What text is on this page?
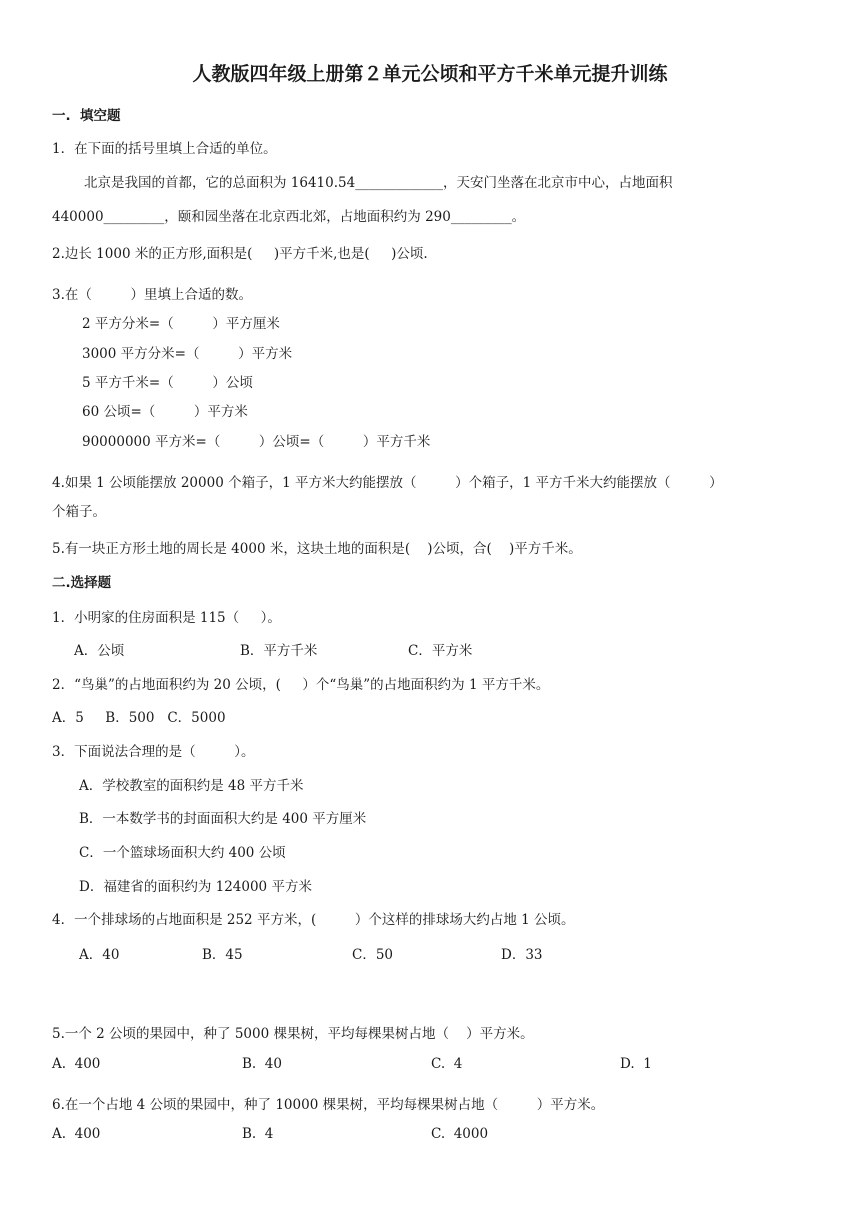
人教版四年级上册第２单元公顷和平方千米单元提升训练
一.  填空题
1．在下面的括号里填上合适的单位。
北京是我国的首都，它的总面积为 16410.54_____________，天安门坐落在北京市中心，占地面积
440000_________，颐和园坐落在北京西北郊，占地面积约为 290_________。
2.边长 1000 米的正方形,面积是(     )平方千米,也是(     )公顷.
3.在（         ）里填上合适的数。
2 平方分米=（         ）平方厘米
3000 平方分米=（         ）平方米
5 平方千米=（         ）公顷
60 公顷=（         ）平方米
90000000 平方米=（         ）公顷=（         ）平方千米
4.如果 1 公顷能摆放 20000 个箱子，1 平方米大约能摆放（         ）个箱子，1 平方千米大约能摆放（         ）
个箱子。
5.有一块正方形土地的周长是 4000 米，这块土地的面积是(    )公顷，合(    )平方千米。
二.选择题
1．小明家的住房面积是 115（     ）。
A．公顷	B．平方千米	C．平方米
2．“鸟巢”的占地面积约为 20 公顷，(     ）个“鸟巢”的占地面积约为 1 平方千米。
A．5     B．500   C．5000
3．下面说法合理的是（         ）。
A．学校教室的面积约是 48 平方千米
B．一本数学书的封面面积大约是 400 平方厘米
C．一个篮球场面积大约 400 公顷
D．福建省的面积约为 124000 平方米
4．一个排球场的占地面积是 252 平方米，(         ）个这样的排球场大约占地 1 公顷。
A．40	B．45	C．50	D．33
5.一个 2 公顷的果园中，种了 5000 棵果树，平均每棵果树占地（    ）平方米。
A.  400	B.  40	C.  4	D.  1
6.在一个占地 4 公顷的果园中，种了 10000 棵果树，平均每棵果树占地（         ）平方米。
A.  400	B.  4	C.  4000
